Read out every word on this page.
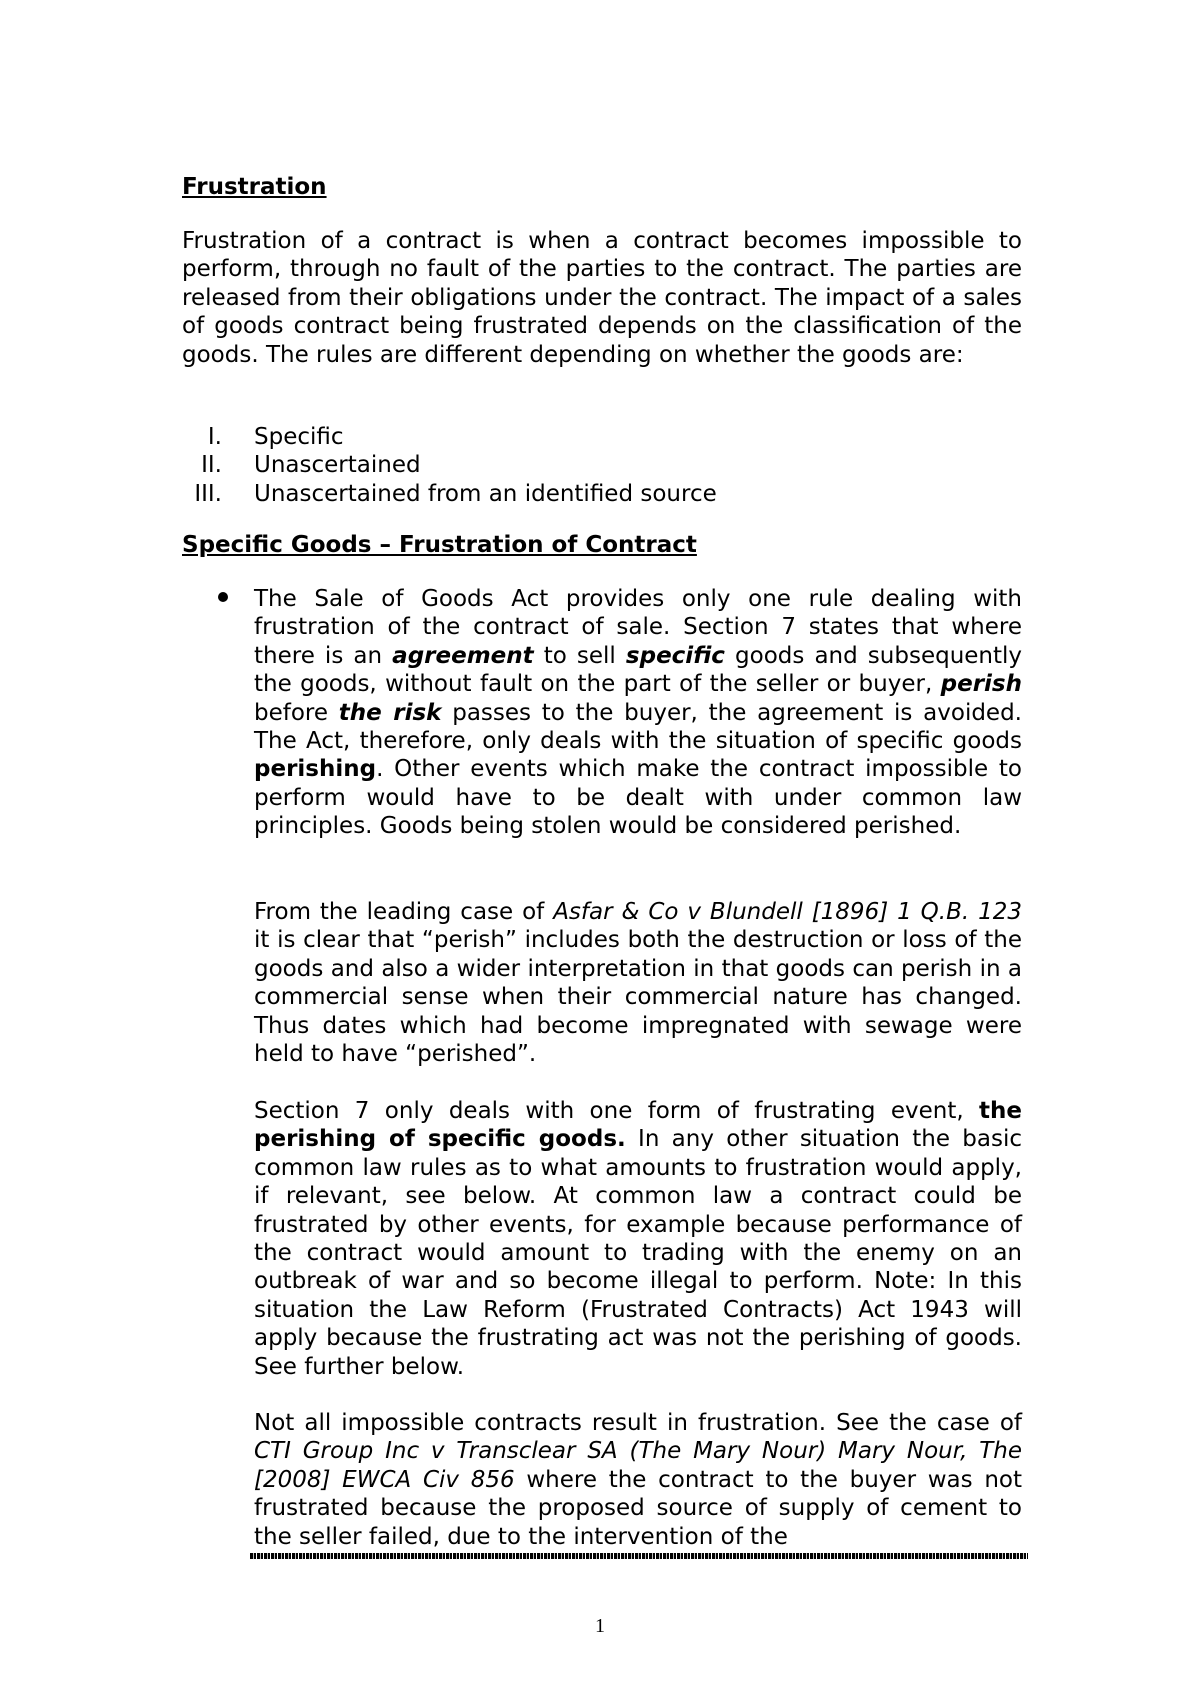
Frustration

Frustration of a contract is when a contract becomes impossible to perform, through no fault of the parties to the contract. The parties are released from their obligations under the contract. The impact of a sales of goods contract being frustrated depends on the classification of the goods. The rules are different depending on whether the goods are:

I. Specific
II. Unascertained
III. Unascertained from an identified source
Specific Goods – Frustration of Contract

The Sale of Goods Act provides only one rule dealing with frustration of the contract of sale. Section 7 states that where there is an agreement to sell specific goods and subsequently the goods, without fault on the part of the seller or buyer, perish before the risk passes to the buyer, the agreement is avoided. The Act, therefore, only deals with the situation of specific goods perishing. Other events which make the contract impossible to perform would have to be dealt with under common law principles. Goods being stolen would be considered perished.

From the leading case of Asfar & Co v Blundell [1896] 1 Q.B. 123 it is clear that “perish” includes both the destruction or loss of the goods and also a wider interpretation in that goods can perish in a commercial sense when their commercial nature has changed. Thus dates which had become impregnated with sewage were held to have “perished”.

Section 7 only deals with one form of frustrating event, the perishing of specific goods. In any other situation the basic common law rules as to what amounts to frustration would apply, if relevant, see below. At common law a contract could be frustrated by other events, for example because performance of the contract would amount to trading with the enemy on an outbreak of war and so become illegal to perform. Note: In this situation the Law Reform (Frustrated Contracts) Act 1943 will apply because the frustrating act was not the perishing of goods. See further below.

Not all impossible contracts result in frustration. See the case of CTI Group Inc v Transclear SA (The Mary Nour) Mary Nour, The [2008] EWCA Civ 856 where the contract to the buyer was not frustrated because the proposed source of supply of cement to the seller failed, due to the intervention of the

1
